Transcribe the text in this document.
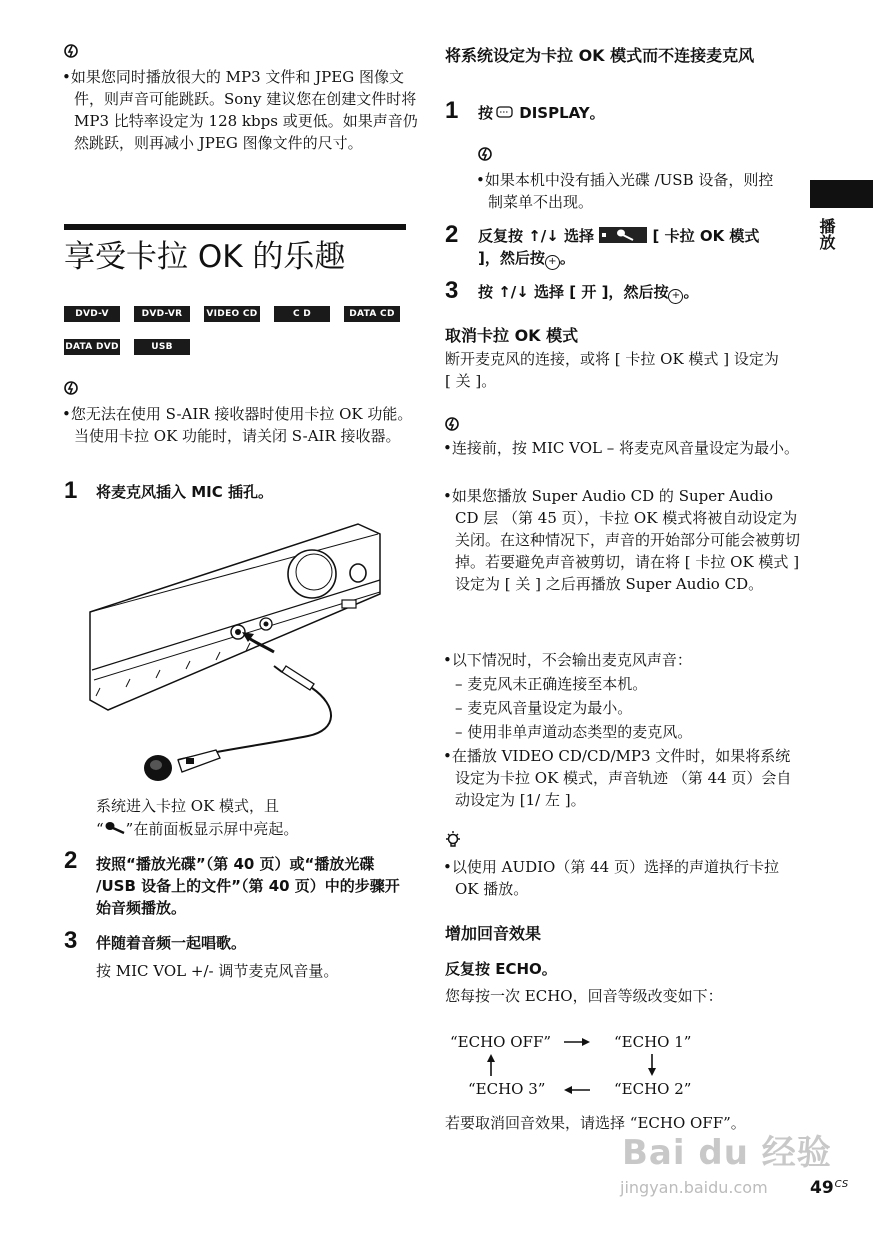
•如果您同时播放很大的 MP3 文件和 JPEG 图像文件，则声音可能跳跃。Sony 建议您在创建文件时将 MP3 比特率设定为 128 kbps 或更低。如果声音仍然跳跃，则再减小 JPEG 图像文件的尺寸。
享受卡拉 OK 的乐趣
DVD-V	DVD-VR	VIDEO CD	C D	DATA CD
DATA DVD	USB
•您无法在使用 S-AIR 接收器时使用卡拉 OK 功能。当使用卡拉 OK 功能时，请关闭 S-AIR 接收器。
1 将麦克风插入 MIC 插孔。
系统进入卡拉 OK 模式，且
“ ”在前面板显示屏中亮起。
2 按照“播放光碟”（第 40 页）或“播放光碟 /USB 设备上的文件”（第 40 页）中的步骤开始音频播放。
3 伴随着音频一起唱歌。
按 MIC VOL +/- 调节麦克风音量。
将系统设定为卡拉 OK 模式而不连接麦克风
1 按 DISPLAY。
•如果本机中没有插入光碟 /USB 设备，则控制菜单不出现。
2 反复按 ↑/↓ 选择	[ 卡拉 OK 模式 ]，然后按 + 。
3 按 ↑/↓ 选择 [ 开 ]，然后按 + 。
取消卡拉 OK 模式
断开麦克风的连接，或将 [ 卡拉 OK 模式 ] 设定为 [ 关 ]。
•连接前，按 MIC VOL – 将麦克风音量设定为最小。
•如果您播放 Super Audio CD 的 Super Audio CD 层 （第 45 页），卡拉 OK 模式将被自动设定为关闭。在这种情况下，声音的开始部分可能会被剪切掉。若要避免声音被剪切，请在将 [ 卡拉 OK 模式 ] 设定为 [ 关 ] 之后再播放 Super Audio CD。
•以下情况时，不会输出麦克风声音：
– 麦克风未正确连接至本机。
– 麦克风音量设定为最小。
– 使用非单声道动态类型的麦克风。
•在播放 VIDEO CD/CD/MP3 文件时，如果将系统设定为卡拉 OK 模式，声音轨迹 （第 44 页）会自动设定为 [1/ 左 ]。
•以使用 AUDIO（第 44 页）选择的声道执行卡拉 OK 播放。
增加回音效果
反复按 ECHO。
您每按一次 ECHO，回音等级改变如下：
“ECHO OFF”	“ECHO 1”
“ECHO 2”
“ECHO 3”
若要取消回音效果，请选择 “ECHO OFF”。
播放
Bai du 经验
jingyan.baidu.com $49^{CS}$
